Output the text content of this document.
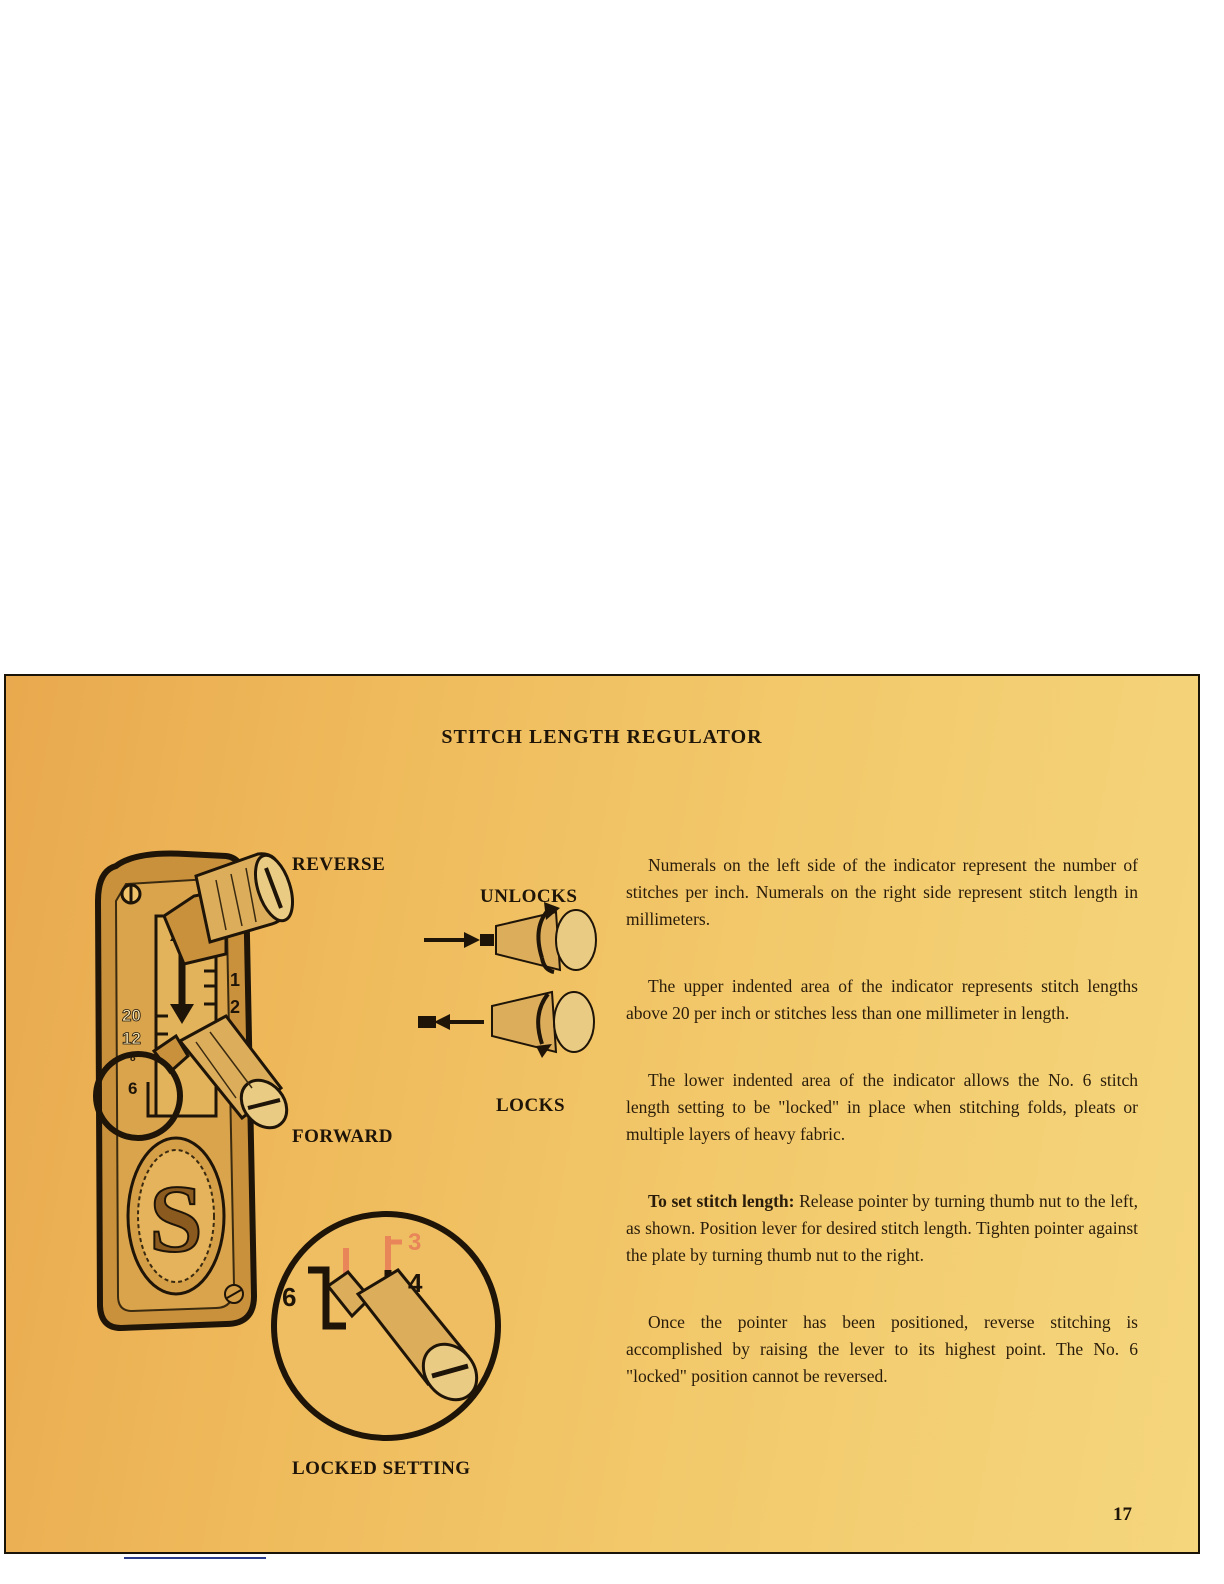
STITCH LENGTH REGULATOR
S
20
12
8
1
2
1
6
3
4
6
REVERSE
UNLOCKS
LOCKS
FORWARD
LOCKED SETTING

Numerals on the left side of the indicator represent the number of stitches per inch. Numerals on the right side represent stitch length in millimeters.

The upper indented area of the indicator represents stitch lengths above 20 per inch or stitches less than one millimeter in length.

The lower indented area of the indicator allows the No. 6 stitch length setting to be "locked" in place when stitching folds, pleats or multiple layers of heavy fabric.

To set stitch length: Release pointer by turning thumb nut to the left, as shown. Position lever for desired stitch length. Tighten pointer against the plate by turning thumb nut to the right.

Once the pointer has been positioned, reverse stitching is accomplished by raising the lever to its highest point. The No. 6 "locked" position cannot be reversed.

17
